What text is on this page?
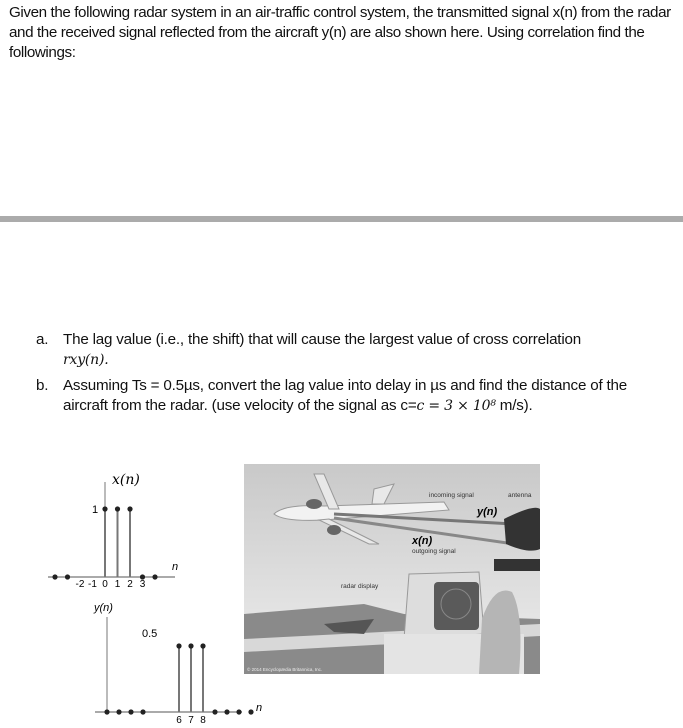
Given the following radar system in an air-traffic control system, the transmitted signal x(n) from the radar and the received signal reflected from the aircraft y(n) are also shown here. Using correlation find the followings:
a. The lag value (i.e., the shift) that will cause the largest value of cross correlation
rxy(n).
b. Assuming Ts = 0.5µs, convert the lag value into delay in µs and find the distance of the aircraft from the radar. (use velocity of the signal as c=c = 3 × 10⁸ m/s).
x(n)
n
1
-2 -1 0 1 2 3
y(n)
n
0.5
6 7 8
incoming signal	antenna
y(n)
x(n)
outgoing signal
radar display
© 2014 Encyclopædia Britannica, Inc.
